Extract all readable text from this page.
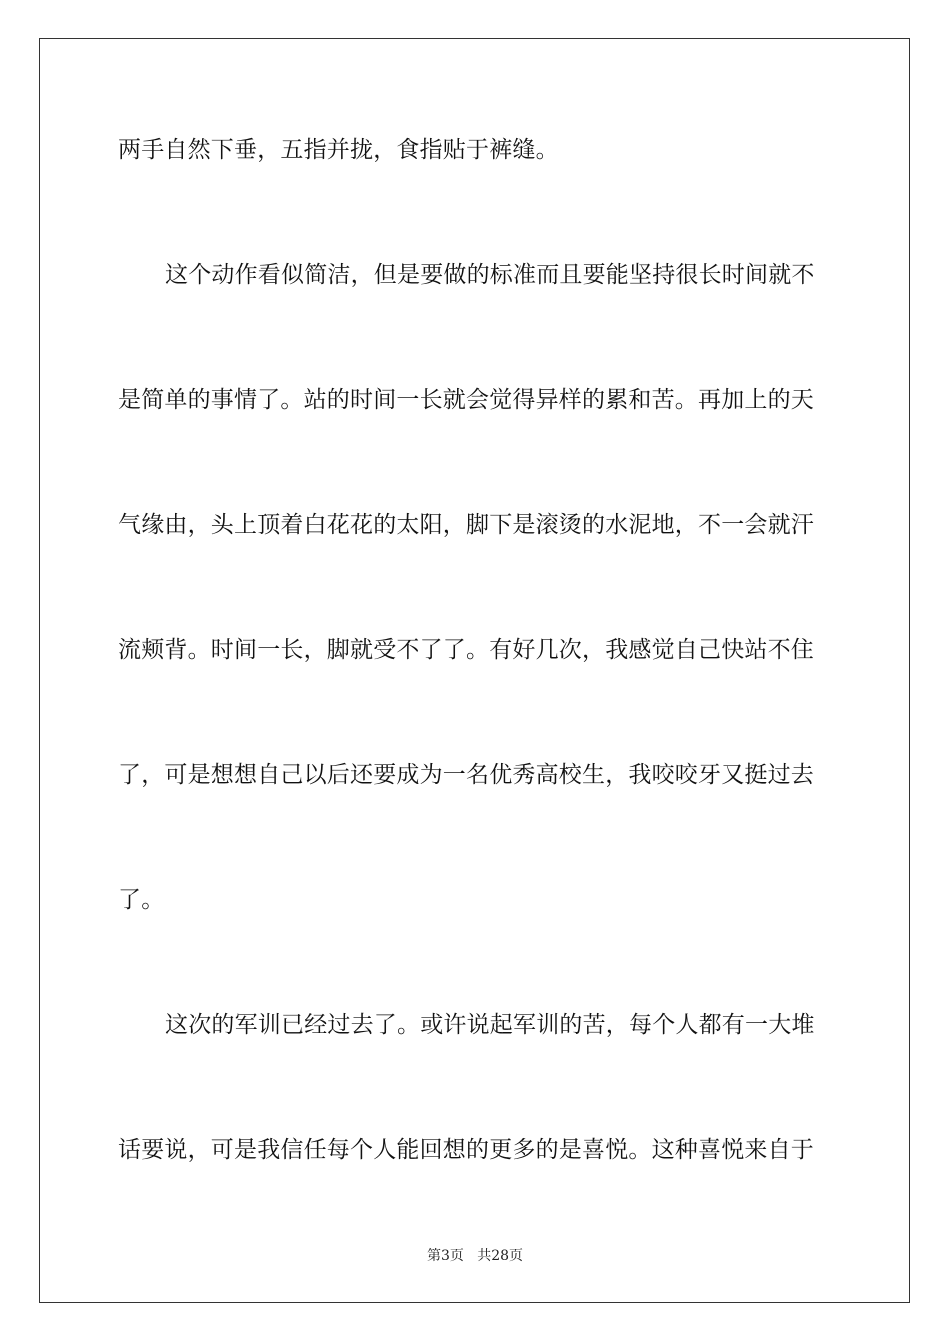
两手自然下垂，五指并拢，食指贴于裤缝。
这个动作看似简洁，但是要做的标准而且要能坚持很长时间就不
是简单的事情了。站的时间一长就会觉得异样的累和苦。再加上的天
气缘由，头上顶着白花花的太阳，脚下是滚烫的水泥地，不一会就汗
流颊背。时间一长，脚就受不了了。有好几次，我感觉自己快站不住
了，可是想想自己以后还要成为一名优秀高校生，我咬咬牙又挺过去
了。
这次的军训已经过去了。或许说起军训的苦，每个人都有一大堆
话要说，可是我信任每个人能回想的更多的是喜悦。这种喜悦来自于
第3页   共28页
